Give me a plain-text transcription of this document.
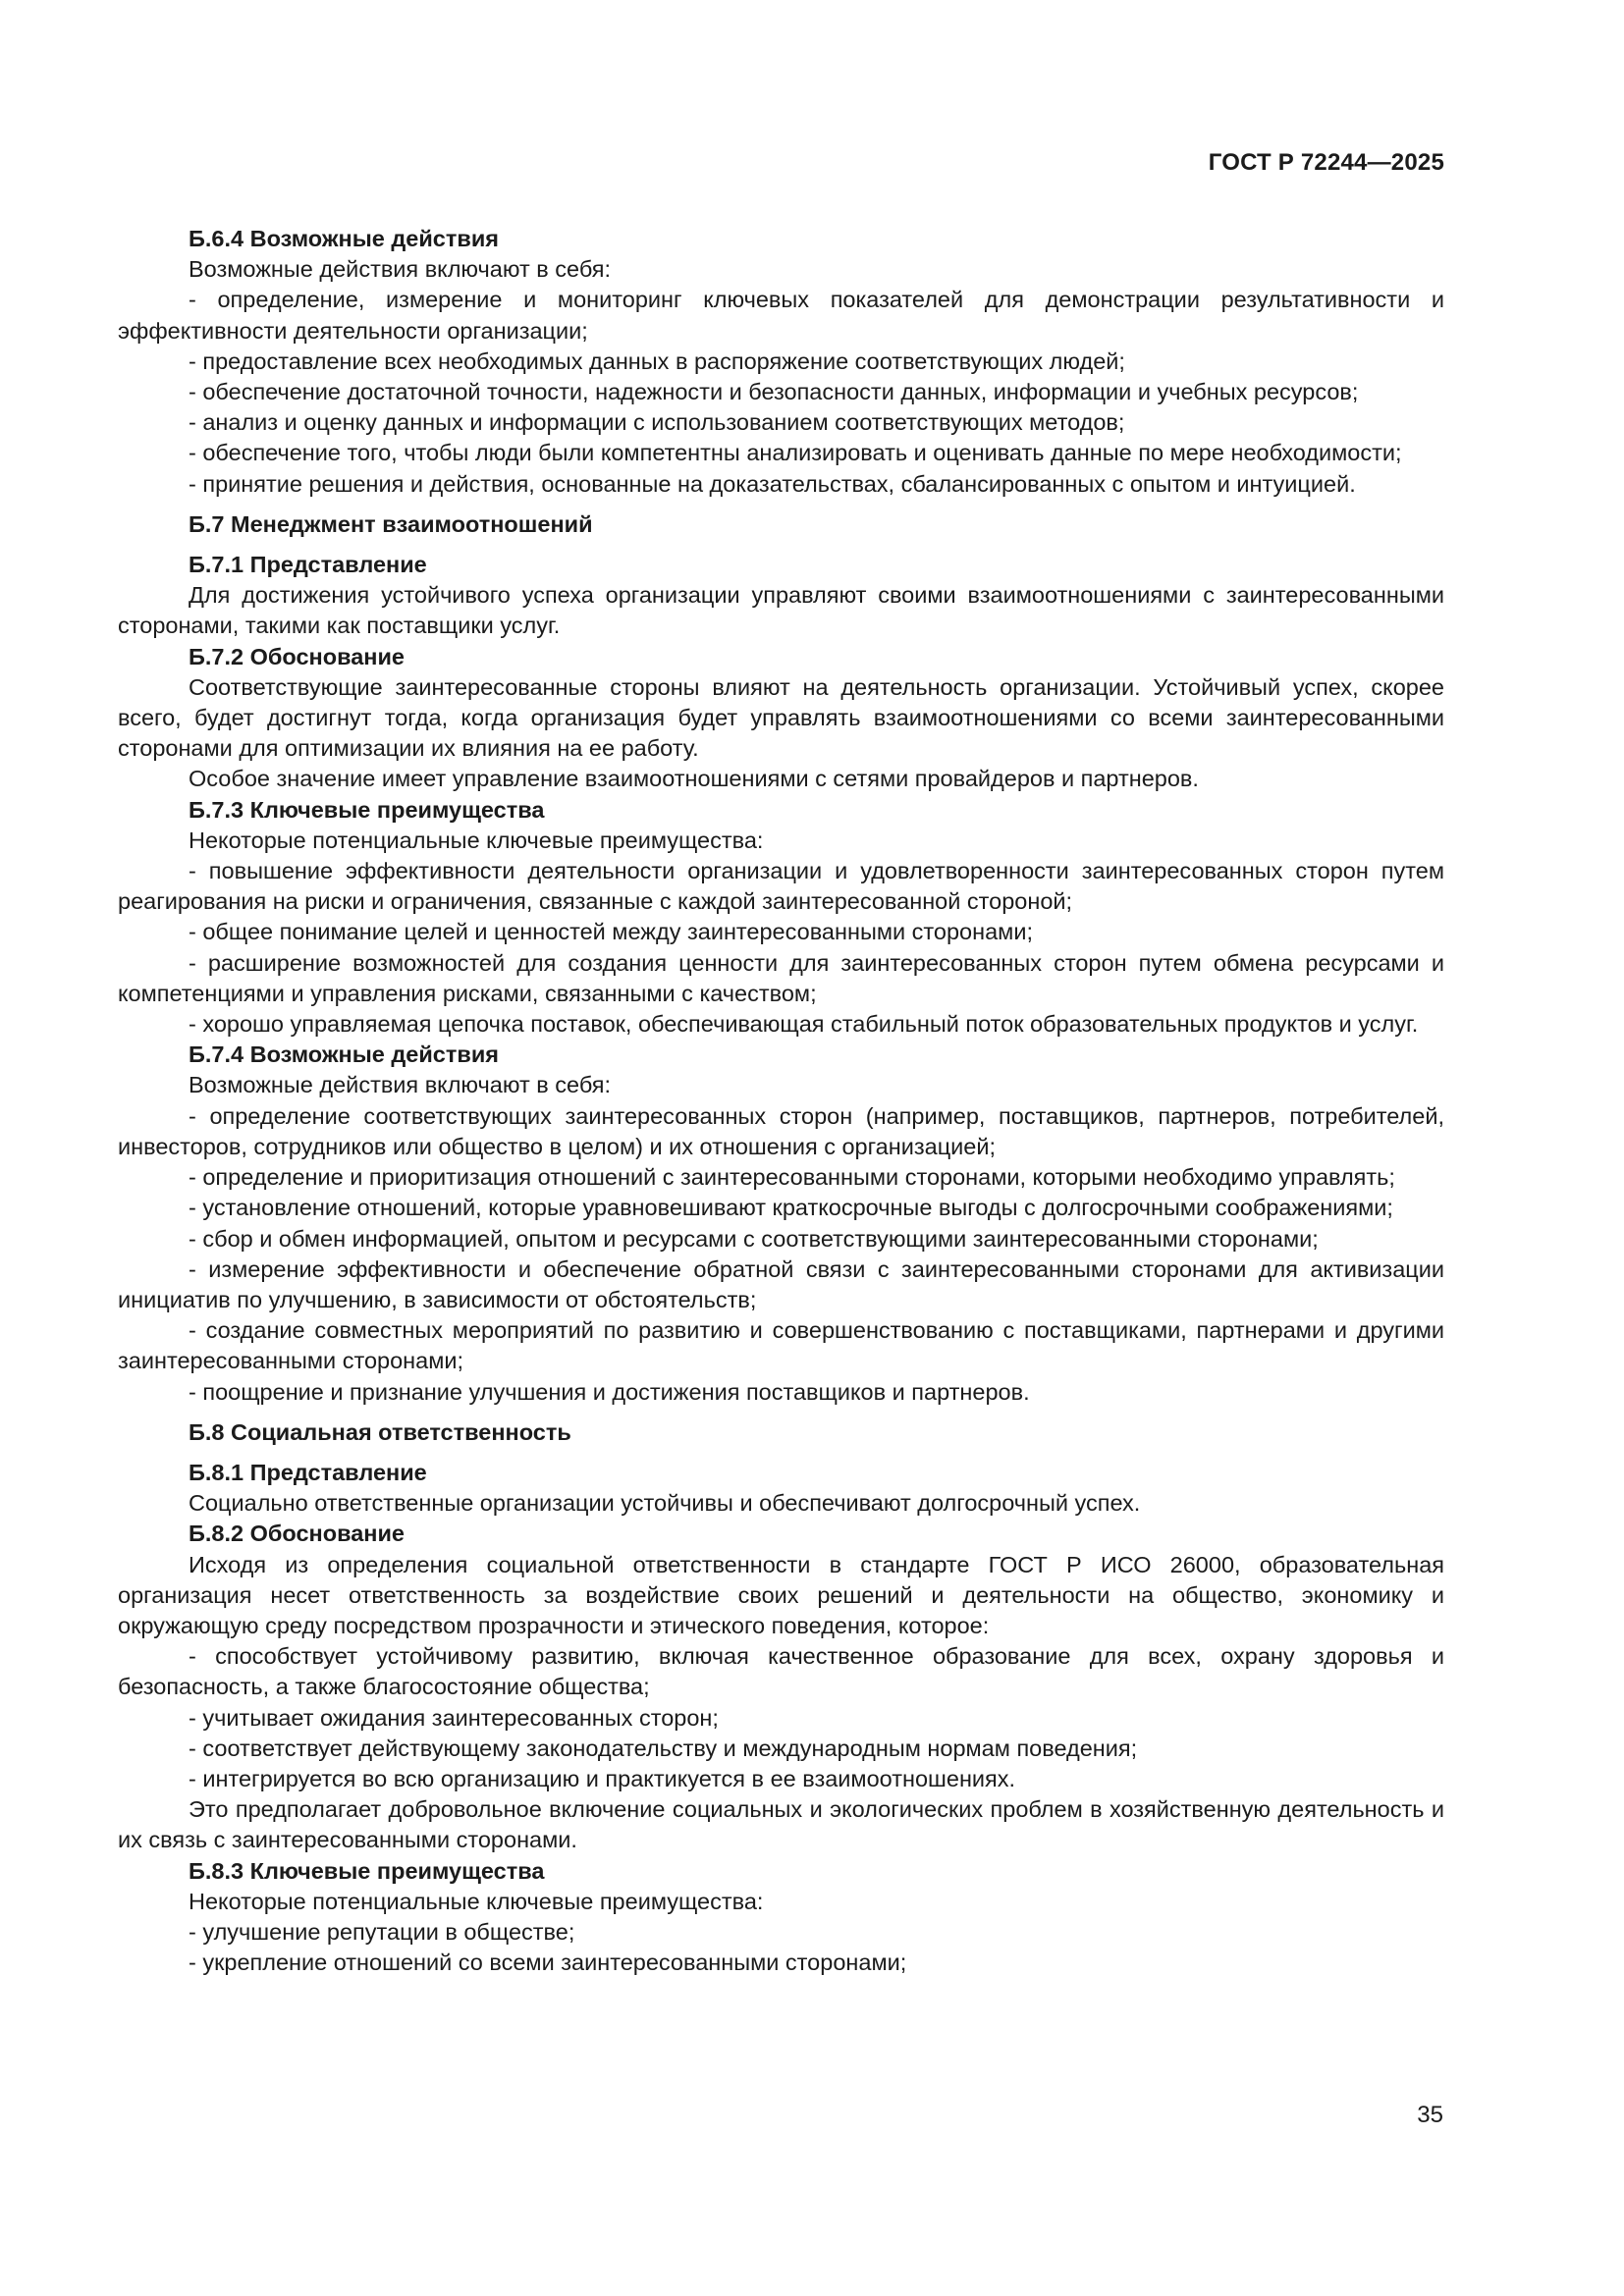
ГОСТ Р 72244—2025

Б.6.4 Возможные действия

Возможные действия включают в себя:

- определение, измерение и мониторинг ключевых показателей для демонстрации результативности и эффективности деятельности организации;

- предоставление всех необходимых данных в распоряжение соответствующих людей;

- обеспечение достаточной точности, надежности и безопасности данных, информации и учебных ресурсов;

- анализ и оценку данных и информации с использованием соответствующих методов;

- обеспечение того, чтобы люди были компетентны анализировать и оценивать данные по мере необходимости;

- принятие решения и действия, основанные на доказательствах, сбалансированных с опытом и интуицией.

Б.7 Менеджмент взаимоотношений

Б.7.1 Представление

Для достижения устойчивого успеха организации управляют своими взаимоотношениями с заинтересованными сторонами, такими как поставщики услуг.

Б.7.2 Обоснование

Соответствующие заинтересованные стороны влияют на деятельность организации. Устойчивый успех, скорее всего, будет достигнут тогда, когда организация будет управлять взаимоотношениями со всеми заинтересованными сторонами для оптимизации их влияния на ее работу.

Особое значение имеет управление взаимоотношениями с сетями провайдеров и партнеров.

Б.7.3 Ключевые преимущества

Некоторые потенциальные ключевые преимущества:

- повышение эффективности деятельности организации и удовлетворенности заинтересованных сторон путем реагирования на риски и ограничения, связанные с каждой заинтересованной стороной;

- общее понимание целей и ценностей между заинтересованными сторонами;

- расширение возможностей для создания ценности для заинтересованных сторон путем обмена ресурсами и компетенциями и управления рисками, связанными с качеством;

- хорошо управляемая цепочка поставок, обеспечивающая стабильный поток образовательных продуктов и услуг.

Б.7.4 Возможные действия

Возможные действия включают в себя:

- определение соответствующих заинтересованных сторон (например, поставщиков, партнеров, потребителей, инвесторов, сотрудников или общество в целом) и их отношения с организацией;

- определение и приоритизация отношений с заинтересованными сторонами, которыми необходимо управлять;

- установление отношений, которые уравновешивают краткосрочные выгоды с долгосрочными соображениями;

- сбор и обмен информацией, опытом и ресурсами с соответствующими заинтересованными сторонами;

- измерение эффективности и обеспечение обратной связи с заинтересованными сторонами для активизации инициатив по улучшению, в зависимости от обстоятельств;

- создание совместных мероприятий по развитию и совершенствованию с поставщиками, партнерами и другими заинтересованными сторонами;

- поощрение и признание улучшения и достижения поставщиков и партнеров.

Б.8 Социальная ответственность

Б.8.1 Представление

Социально ответственные организации устойчивы и обеспечивают долгосрочный успех.

Б.8.2 Обоснование

Исходя из определения социальной ответственности в стандарте ГОСТ Р ИСО 26000, образовательная организация несет ответственность за воздействие своих решений и деятельности на общество, экономику и окружающую среду посредством прозрачности и этического поведения, которое:

- способствует устойчивому развитию, включая качественное образование для всех, охрану здоровья и безопасность, а также благосостояние общества;

- учитывает ожидания заинтересованных сторон;

- соответствует действующему законодательству и международным нормам поведения;

- интегрируется во всю организацию и практикуется в ее взаимоотношениях.

Это предполагает добровольное включение социальных и экологических проблем в хозяйственную деятельность и их связь с заинтересованными сторонами.

Б.8.3 Ключевые преимущества

Некоторые потенциальные ключевые преимущества:

- улучшение репутации в обществе;

- укрепление отношений со всеми заинтересованными сторонами;

35
